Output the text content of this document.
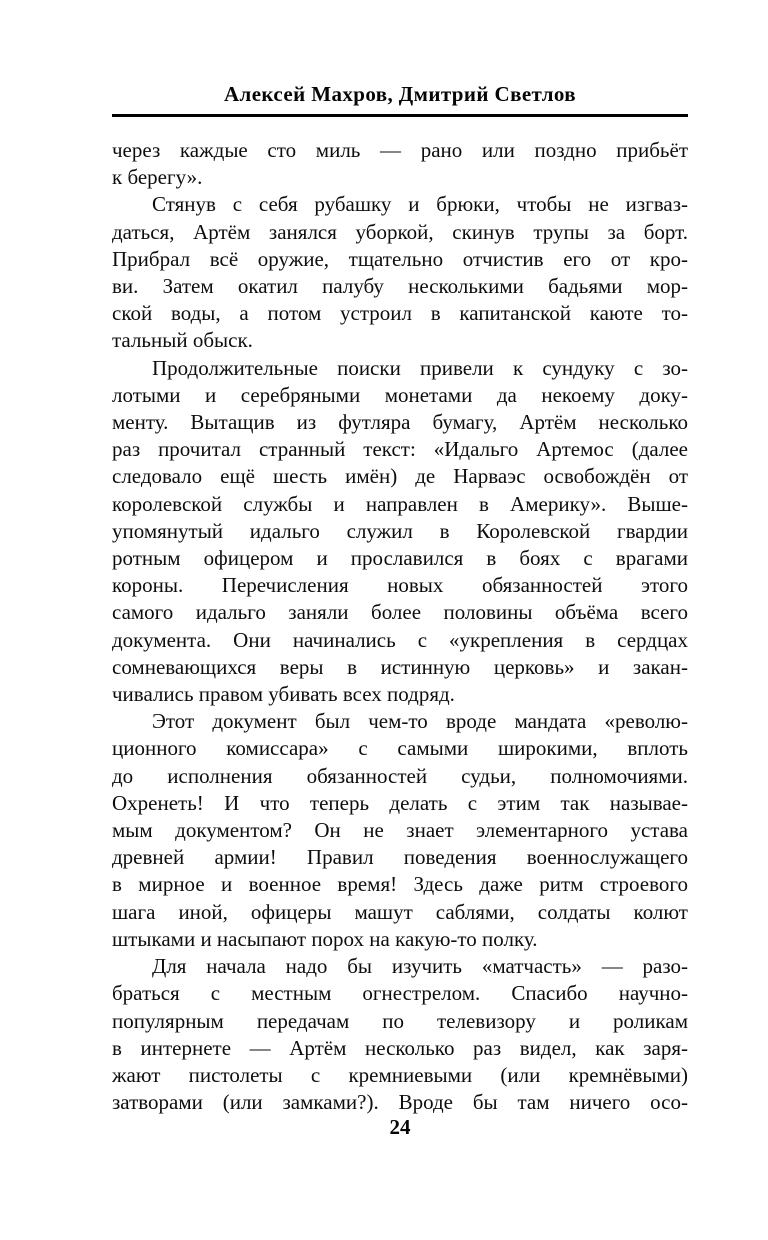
Алексей Махров, Дмитрий Светлов
через каждые сто миль — рано или поздно прибьёт
к берегу».
Стянув с себя рубашку и брюки, чтобы не изгваз-
даться, Артём занялся уборкой, скинув трупы за борт.
Прибрал всё оружие, тщательно отчистив его от кро-
ви. Затем окатил палубу несколькими бадьями мор-
ской воды, а потом устроил в капитанской каюте то-
тальный обыск.
Продолжительные поиски привели к сундуку с зо-
лотыми и серебряными монетами да некоему доку-
менту. Вытащив из футляра бумагу, Артём несколько
раз прочитал странный текст: «Идальго Артемос (далее
следовало ещё шесть имён) де Нарваэс освобождён от
королевской службы и направлен в Америку». Выше-
упомянутый идальго служил в Королевской гвардии
ротным офицером и прославился в боях с врагами
короны. Перечисления новых обязанностей этого
самого идальго заняли более половины объёма всего
документа. Они начинались с «укрепления в сердцах
сомневающихся веры в истинную церковь» и закан-
чивались правом убивать всех подряд.
Этот документ был чем-то вроде мандата «револю-
ционного комиссара» с самыми широкими, вплоть
до исполнения обязанностей судьи, полномочиями.
Охренеть! И что теперь делать с этим так называе-
мым документом? Он не знает элементарного устава
древней армии! Правил поведения военнослужащего
в мирное и военное время! Здесь даже ритм строевого
шага иной, офицеры машут саблями, солдаты колют
штыками и насыпают порох на какую-то полку.
Для начала надо бы изучить «матчасть» — разо-
браться с местным огнестрелом. Спасибо научно-
популярным передачам по телевизору и роликам
в интернете — Артём несколько раз видел, как заря-
жают пистолеты с кремниевыми (или кремнёвыми)
затворами (или замками?). Вроде бы там ничего осо-
24
